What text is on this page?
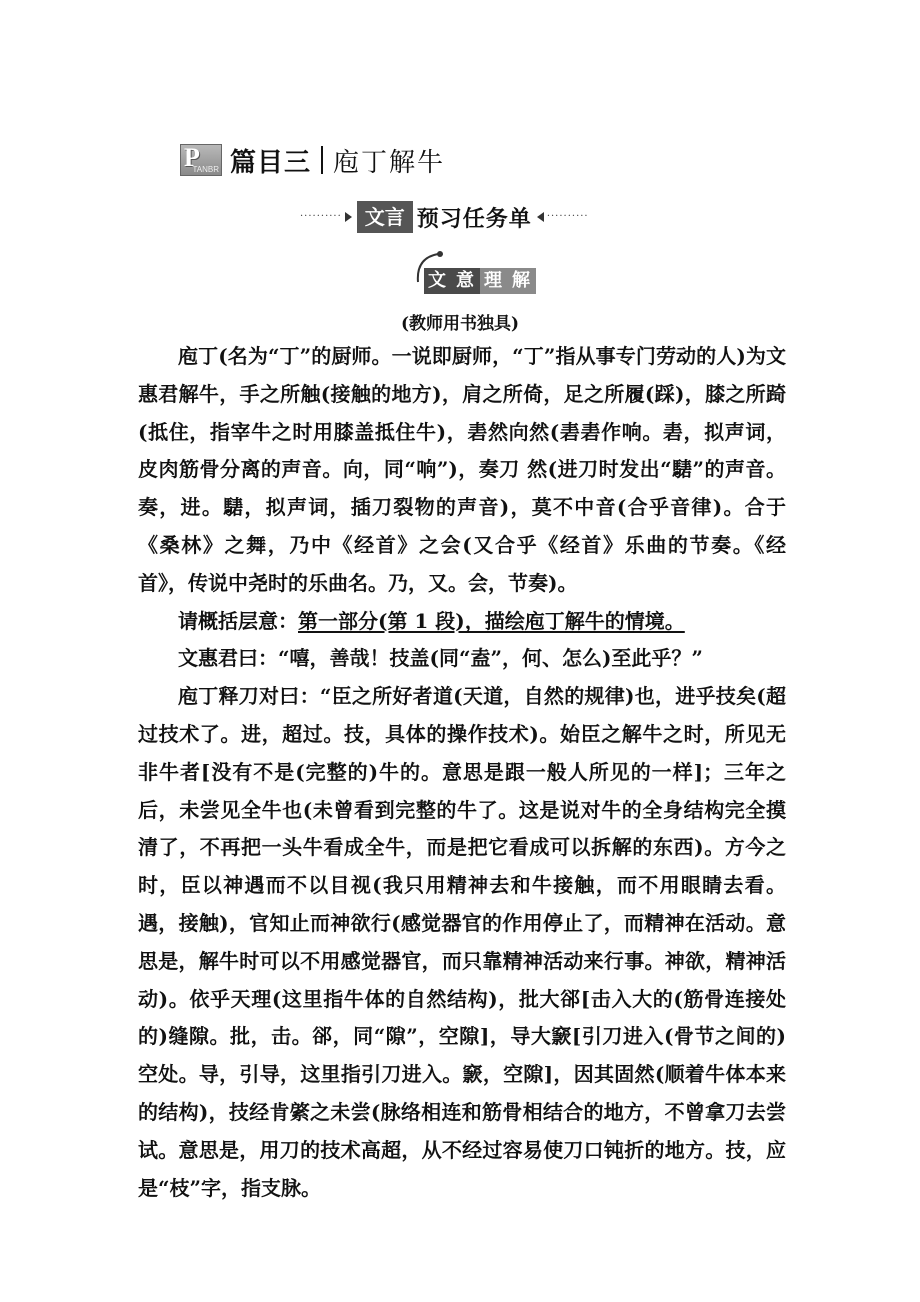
P
TANBR 篇目三 庖丁解牛
··········	文言 预习任务单 ··········
文 意 理 解
(教师用书独具)

庖丁(名为“丁”的厨师。一说即厨师，“丁”指从事专门劳动的人)为文惠君解牛，手之所触(接触的地方)，肩之所倚，足之所履(踩)，膝之所踦(抵住，指宰牛之时用膝盖抵住牛)，砉然向然(砉砉作响。砉，拟声词，皮肉筋骨分离的声音。向，同“响”)，奏刀 然(进刀时发出“騞”的声音。奏，进。騞，拟声词，插刀裂物的声音)，莫不中音(合乎音律)。合于《桑林》之舞，乃中《经首》之会(又合乎《经首》乐曲的节奏。《经首》，传说中尧时的乐曲名。乃，又。会，节奏)。

请概括层意：第一部分(第 1 段)，描绘庖丁解牛的情境。

文惠君曰：“嘻，善哉！技盖(同“盍”，何、怎么)至此乎？”

庖丁释刀对曰：“臣之所好者道(天道，自然的规律)也，进乎技矣(超过技术了。进，超过。技，具体的操作技术)。始臣之解牛之时，所见无非牛者[没有不是(完整的)牛的。意思是跟一般人所见的一样]；三年之后，未尝见全牛也(未曾看到完整的牛了。这是说对牛的全身结构完全摸清了，不再把一头牛看成全牛，而是把它看成可以拆解的东西)。方今之时，臣以神遇而不以目视(我只用精神去和牛接触，而不用眼睛去看。遇，接触)，官知止而神欲行(感觉器官的作用停止了，而精神在活动。意思是，解牛时可以不用感觉器官，而只靠精神活动来行事。神欲，精神活动)。依乎天理(这里指牛体的自然结构)，批大郤[击入大的(筋骨连接处的)缝隙。批，击。郤，同“隙”，空隙]，导大窾[引刀进入(骨节之间的)空处。导，引导，这里指引刀进入。窾，空隙]，因其固然(顺着牛体本来的结构)，技经肯綮之未尝(脉络相连和筋骨相结合的地方，不曾拿刀去尝试。意思是，用刀的技术高超，从不经过容易使刀口钝折的地方。技，应是“枝”字，指支脉。
